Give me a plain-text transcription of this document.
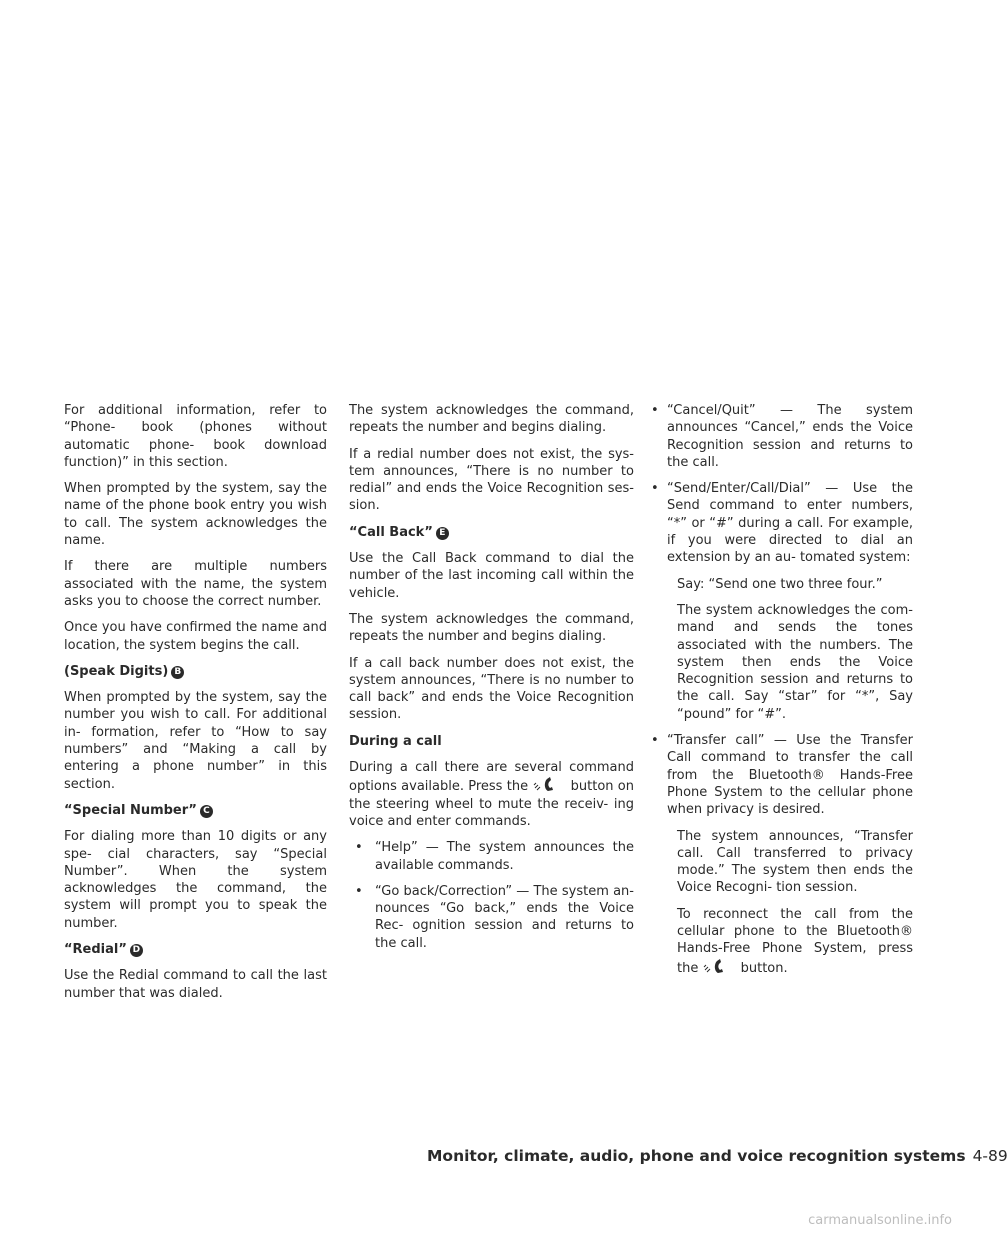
For additional information, refer to “Phone- book (phones without automatic phone- book download function)” in this section.

When prompted by the system, say the name of the phone book entry you wish to call. The system acknowledges the name.

If there are multiple numbers associated with the name, the system asks you to choose the correct number.

Once you have confirmed the name and location, the system begins the call.

(Speak Digits) B

When prompted by the system, say the number you wish to call. For additional in- formation, refer to “How to say numbers” and “Making a call by entering a phone number” in this section.

“Special Number” C

For dialing more than 10 digits or any spe- cial characters, say “Special Number”. When the system acknowledges the command, the system will prompt you to speak the number.

“Redial” D

Use the Redial command to call the last number that was dialed.

The system acknowledges the command, repeats the number and begins dialing.

If a redial number does not exist, the sys- tem announces, “There is no number to redial” and ends the Voice Recognition ses- sion.

“Call Back” E

Use the Call Back command to dial the number of the last incoming call within the vehicle.

The system acknowledges the command, repeats the number and begins dialing.

If a call back number does not exist, the system announces, “There is no number to call back” and ends the Voice Recognition session.

During a call

During a call there are several command options available. Press the	button on the steering wheel to mute the receiv- ing voice and enter commands.

• “Help” — The system announces the available commands.
• “Go back/Correction” — The system an- nounces “Go back,” ends the Voice Rec- ognition session and returns to the call.
• “Cancel/Quit” — The system announces “Cancel,” ends the Voice Recognition session and returns to the call.
• “Send/Enter/Call/Dial” — Use the Send command to enter numbers, “*” or “#” during a call. For example, if you were directed to dial an extension by an au- tomated system:

Say: “Send one two three four.”

The system acknowledges the com- mand and sends the tones associated with the numbers. The system then ends the Voice Recognition session and returns to the call. Say “star” for “*”, Say “pound” for “#”.

• “Transfer call” — Use the Transfer Call command to transfer the call from the Bluetooth® Hands-Free Phone System to the cellular phone when privacy is desired.

The system announces, “Transfer call. Call transferred to privacy mode.” The system then ends the Voice Recogni- tion session.

To reconnect the call from the cellular phone to the Bluetooth® Hands-Free Phone System, press the	button.

Monitor, climate, audio, phone and voice recognition systems 4-89
carmanualsonline.info
